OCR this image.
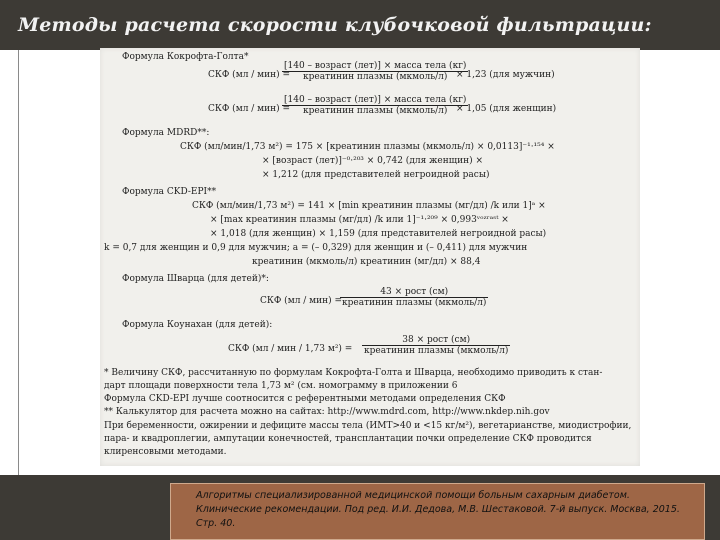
Методы расчета скорости клубочковой фильтрации:
Формула Кокрофта-Голта*
СКФ (мл / мин) =
[140 – возраст (лет)] × масса тела (кг)
креатинин плазмы (мкмоль/л) × 1,23 (для мужчин)
СКФ (мл / мин) =
[140 – возраст (лет)] × масса тела (кг)
креатинин плазмы (мкмоль/л) × 1,05 (для женщин)
Формула MDRD**:
СКФ (мл/мин/1,73 м²) = 175 × [креатинин плазмы (мкмоль/л) × 0,0113]⁻¹·¹⁵⁴ ×
× [возраст (лет)]⁻⁰·²⁰³ × 0,742 (для женщин) ×
× 1,212 (для представителей негроидной расы)
Формула CKD-EPI**
СКФ (мл/мин/1,73 м²) = 141 × [min креатинин плазмы (мг/дл) /k или 1]ᵃ ×
× [max креатинин плазмы (мг/дл) /k или 1]⁻¹·²⁰⁹ × 0,993ᵛᵒᶻʳᵃˢᵗ ×
× 1,018 (для женщин) × 1,159 (для представителей негроидной расы)
k = 0,7 для женщин и 0,9 для мужчин; a = (– 0,329) для женщин и (– 0,411) для мужчин
креатинин (мкмоль/л) креатинин (мг/дл) × 88,4
Формула Шварца (для детей)*:
СКФ (мл / мин) =
43 × рост (см)
креатинин плазмы (мкмоль/л)
Формула Коунахан (для детей):
СКФ (мл / мин / 1,73 м²) =
38 × рост (см)
креатинин плазмы (мкмоль/л)
* Величину СКФ, рассчитанную по формулам Кокрофта-Голта и Шварца, необходимо приводить к стан-
дарт площади поверхности тела 1,73 м² (см. номограмму в приложении 6
Формула CKD-EPI лучше соотносится с референтными методами определения СКФ
** Калькулятор для расчета можно на сайтах: http://www.mdrd.com, http://www.nkdep.nih.gov
При беременности, ожирении и дефиците массы тела (ИМТ>40 и <15 кг/м²), вегетарианстве, миодистрофии,
пара- и квадроплегии, ампутации конечностей, трансплантации почки определение СКФ проводится
клиренсовыми методами.
Алгоритмы специализированной медицинской помощи больным сахарным диабетом.
Клинические рекомендации. Под ред. И.И. Дедова, М.В. Шестаковой. 7-й выпуск. Москва, 2015.
Стр. 40.
